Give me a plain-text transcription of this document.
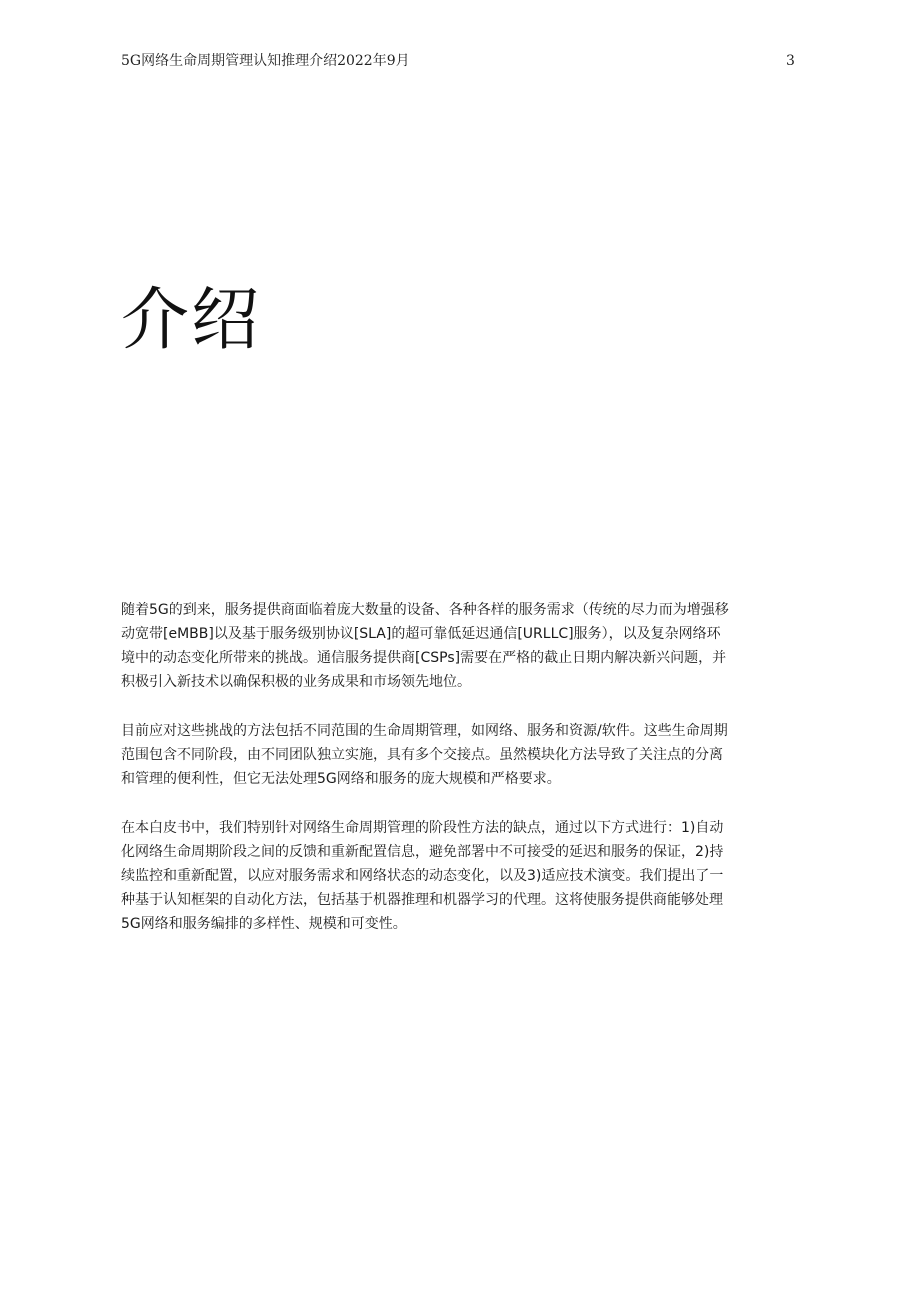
5G网络生命周期管理认知推理介绍2022年9月	3
介绍

随着5G的到来，服务提供商面临着庞大数量的设备、各种各样的服务需求（传统的尽力而为增强移动宽带[eMBB]以及基于服务级别协议[SLA]的超可靠低延迟通信[URLLC]服务），以及复杂网络环境中的动态变化所带来的挑战。通信服务提供商[CSPs]需要在严格的截止日期内解决新兴问题，并积极引入新技术以确保积极的业务成果和市场领先地位。

目前应对这些挑战的方法包括不同范围的生命周期管理，如网络、服务和资源/软件。这些生命周期范围包含不同阶段，由不同团队独立实施，具有多个交接点。虽然模块化方法导致了关注点的分离和管理的便利性，但它无法处理5G网络和服务的庞大规模和严格要求。

在本白皮书中，我们特别针对网络生命周期管理的阶段性方法的缺点，通过以下方式进行：1)自动化网络生命周期阶段之间的反馈和重新配置信息，避免部署中不可接受的延迟和服务的保证，2)持续监控和重新配置，以应对服务需求和网络状态的动态变化，以及3)适应技术演变。我们提出了一种基于认知框架的自动化方法，包括基于机器推理和机器学习的代理。这将使服务提供商能够处理5G网络和服务编排的多样性、规模和可变性。
